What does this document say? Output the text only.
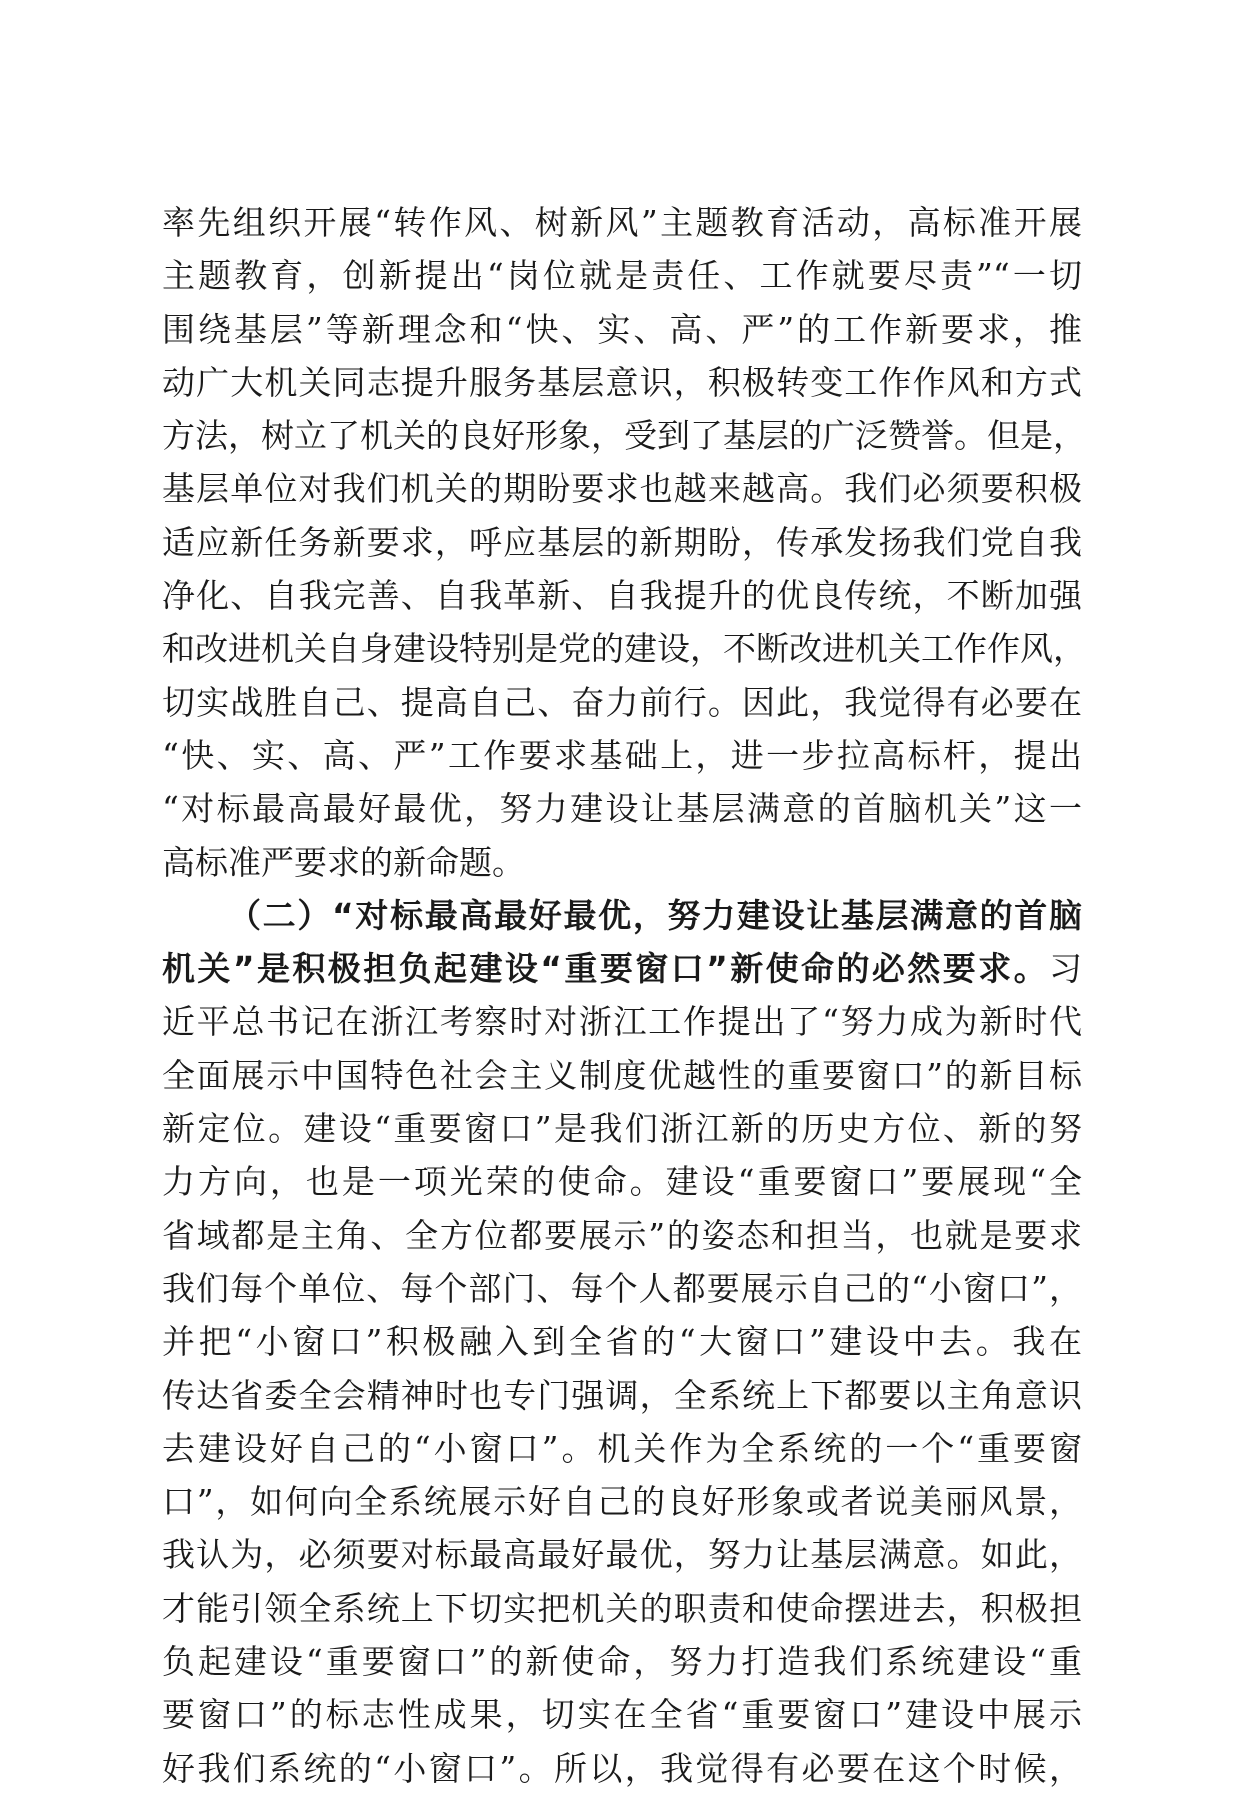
率先组织开展“转作风、树新风”主题教育活动，高标准开展
主题教育，创新提出“岗位就是责任、工作就要尽责”“一切
围绕基层”等新理念和“快、实、高、严”的工作新要求，推
动广大机关同志提升服务基层意识，积极转变工作作风和方式
方法，树立了机关的良好形象，受到了基层的广泛赞誉。但是，
基层单位对我们机关的期盼要求也越来越高。我们必须要积极
适应新任务新要求，呼应基层的新期盼，传承发扬我们党自我
净化、自我完善、自我革新、自我提升的优良传统，不断加强
和改进机关自身建设特别是党的建设，不断改进机关工作作风，
切实战胜自己、提高自己、奋力前行。因此，我觉得有必要在
“快、实、高、严”工作要求基础上，进一步拉高标杆，提出
“对标最高最好最优，努力建设让基层满意的首脑机关”这一
高标准严要求的新命题。
（二）“对标最高最好最优，努力建设让基层满意的首脑
机关”是积极担负起建设“重要窗口”新使命的必然要求。习
近平总书记在浙江考察时对浙江工作提出了“努力成为新时代
全面展示中国特色社会主义制度优越性的重要窗口”的新目标
新定位。建设“重要窗口”是我们浙江新的历史方位、新的努
力方向，也是一项光荣的使命。建设“重要窗口”要展现“全
省域都是主角、全方位都要展示”的姿态和担当，也就是要求
我们每个单位、每个部门、每个人都要展示自己的“小窗口”，
并把“小窗口”积极融入到全省的“大窗口”建设中去。我在
传达省委全会精神时也专门强调，全系统上下都要以主角意识
去建设好自己的“小窗口”。机关作为全系统的一个“重要窗
口”，如何向全系统展示好自己的良好形象或者说美丽风景，
我认为，必须要对标最高最好最优，努力让基层满意。如此，
才能引领全系统上下切实把机关的职责和使命摆进去，积极担
负起建设“重要窗口”的新使命，努力打造我们系统建设“重
要窗口”的标志性成果，切实在全省“重要窗口”建设中展示
好我们系统的“小窗口”。所以，我觉得有必要在这个时候，
